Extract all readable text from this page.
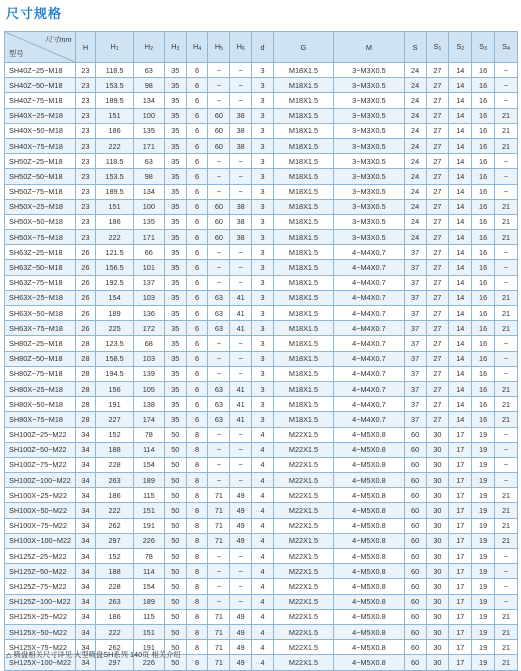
尺寸规格
尺寸mm
型号	H	$H_1$	$H_2$	$H_3$	$H_4$	$H_5$	$H_6$	d	G	M	S	$S_1$	$S_2$	$S_3$	$S_4$
SH40Z−25−M18	23	118.5	63	35	6	−	−	3	M18X1.5	3−M3X0.5	24	27	14	16	−
SH40Z−50−M18	23	153.5	98	35	6	−	−	3	M18X1.5	3−M3X0.5	24	27	14	16	−
SH40Z−75−M18	23	189.5	134	35	6	−	−	3	M18X1.5	3−M3X0.5	24	27	14	16	−
SH40X−25−M18	23	151	100	35	6	60	38	3	M18X1.5	3−M3X0.5	24	27	14	16	21
SH40X−50−M18	23	186	135	35	6	60	38	3	M18X1.5	3−M3X0.5	24	27	14	16	21
SH40X−75−M18	23	222	171	35	6	60	38	3	M18X1.5	3−M3X0.5	24	27	14	16	21
SH50Z−25−M18	23	118.5	63	35	6	−	−	3	M18X1.5	3−M3X0.5	24	27	14	16	−
SH50Z−50−M18	23	153.5	98	35	6	−	−	3	M18X1.5	3−M3X0.5	24	27	14	16	−
SH50Z−75−M18	23	189.5	134	35	6	−	−	3	M18X1.5	3−M3X0.5	24	27	14	16	−
SH50X−25−M18	23	151	100	35	6	60	38	3	M18X1.5	3−M3X0.5	24	27	14	16	21
SH50X−50−M18	23	186	135	35	6	60	38	3	M18X1.5	3−M3X0.5	24	27	14	16	21
SH50X−75−M18	23	222	171	35	6	60	38	3	M18X1.5	3−M3X0.5	24	27	14	16	21
SH63Z−25−M18	26	121.5	66	35	6	−	−	3	M18X1.5	4−M4X0.7	37	27	14	16	−
SH63Z−50−M18	26	156.5	101	35	6	−	−	3	M18X1.5	4−M4X0.7	37	27	14	16	−
SH63Z−75−M18	26	192.5	137	35	6	−	−	3	M18X1.5	4−M4X0.7	37	27	14	16	−
SH63X−25−M18	26	154	103	35	6	63	41	3	M18X1.5	4−M4X0.7	37	27	14	16	21
SH63X−50−M18	26	189	136	35	6	63	41	3	M18X1.5	4−M4X0.7	37	27	14	16	21
SH63X−75−M18	26	225	172	35	6	63	41	3	M18X1.5	4−M4X0.7	37	27	14	16	21
SH80Z−25−M18	28	123.5	68	35	6	−	−	3	M18X1.5	4−M4X0.7	37	27	14	16	−
SH80Z−50−M18	28	158.5	103	35	6	−	−	3	M18X1.5	4−M4X0.7	37	27	14	16	−
SH80Z−75−M18	28	194.5	139	35	6	−	−	3	M18X1.5	4−M4X0.7	37	27	14	16	−
SH80X−25−M18	28	156	105	35	6	63	41	3	M18X1.5	4−M4X0.7	37	27	14	16	21
SH80X−50−M18	28	191	138	35	6	63	41	3	M18X1.5	4−M4X0.7	37	27	14	16	21
SH80X−75−M18	28	227	174	35	6	63	41	3	M18X1.5	4−M4X0.7	37	27	14	16	21
SH100Z−25−M22	34	152	78	50	8	−	−	4	M22X1.5	4−M5X0.8	60	30	17	19	−
SH100Z−50−M22	34	188	114	50	8	−	−	4	M22X1.5	4−M5X0.8	60	30	17	19	−
SH100Z−75−M22	34	228	154	50	8	−	−	4	M22X1.5	4−M5X0.8	60	30	17	19	−
SH100Z−100−M22	34	263	189	50	8	−	−	4	M22X1.5	4−M5X0.8	60	30	17	19	−
SH100X−25−M22	34	186	115	50	8	71	49	4	M22X1.5	4−M5X0.8	60	30	17	19	21
SH100X−50−M22	34	222	151	50	8	71	49	4	M22X1.5	4−M5X0.8	60	30	17	19	21
SH100X−75−M22	34	262	191	50	8	71	49	4	M22X1.5	4−M5X0.8	60	30	17	19	21
SH100X−100−M22	34	297	226	50	8	71	49	4	M22X1.5	4−M5X0.8	60	30	17	19	21
SH125Z−25−M22	34	152	78	50	8	−	−	4	M22X1.5	4−M5X0.8	60	30	17	19	−
SH125Z−50−M22	34	188	114	50	8	−	−	4	M22X1.5	4−M5X0.8	60	30	17	19	−
SH125Z−75−M22	34	228	154	50	8	−	−	4	M22X1.5	4−M5X0.8	60	30	17	19	−
SH125Z−100−M22	34	263	189	50	8	−	−	4	M22X1.5	4−M5X0.8	60	30	17	19	−
SH125X−25−M22	34	186	115	50	8	71	49	4	M22X1.5	4−M5X0.8	60	30	17	19	21
SH125X−50−M22	34	222	151	50	8	71	49	4	M22X1.5	4−M5X0.8	60	30	17	19	21
SH125X−75−M22	34	262	191	50	8	71	49	4	M22X1.5	4−M5X0.8	60	30	17	19	21
SH125X−100−M22	34	297	226	50	8	71	49	4	M22X1.5	4−M5X0.8	60	30	17	19	21
△ 吸盘相关尺寸详见 大型吸盘SH系列 140页 相关介绍
